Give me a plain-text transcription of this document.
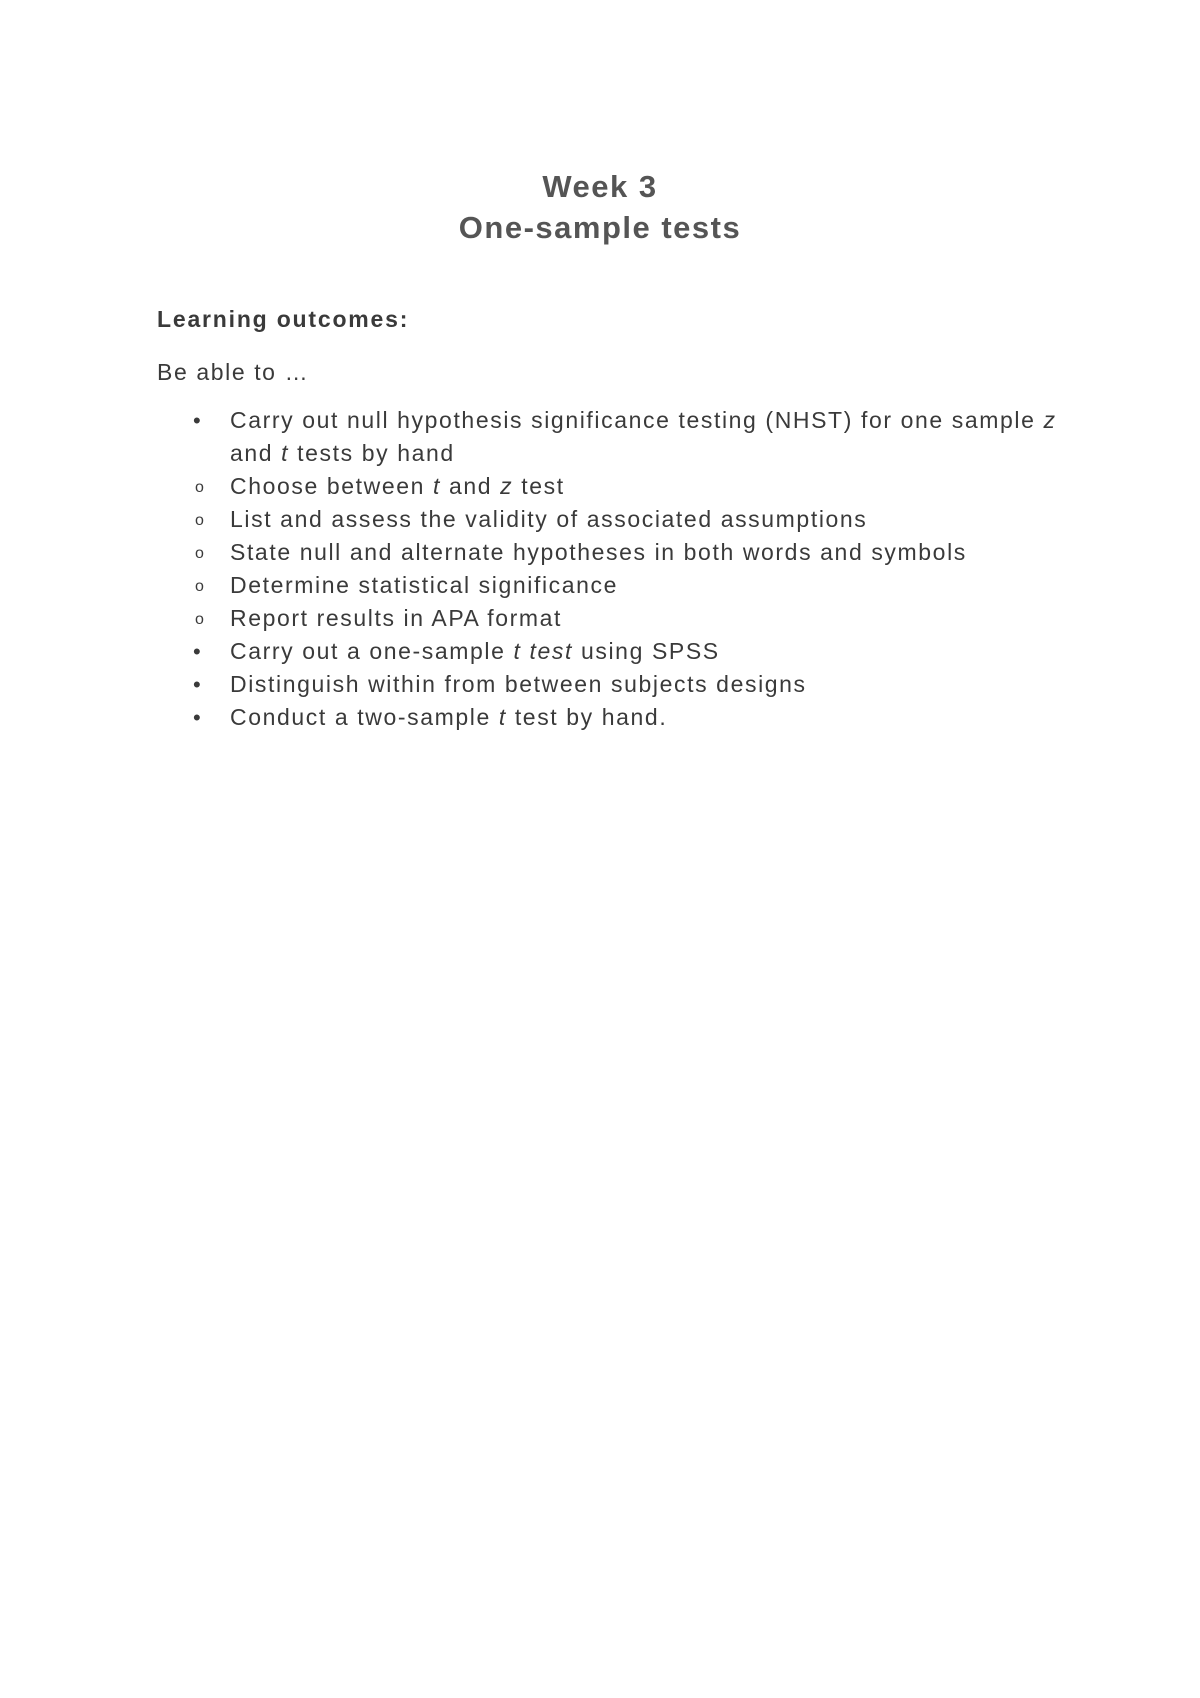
Week 3
One-sample tests
Learning outcomes:
Be able to …
• Carry out null hypothesis significance testing (NHST) for one sample z and t tests by hand
o Choose between t and z test
o List and assess the validity of associated assumptions
o State null and alternate hypotheses in both words and symbols
o Determine statistical significance
o Report results in APA format
• Carry out a one-sample t test using SPSS
• Distinguish within from between subjects designs
• Conduct a two-sample t test by hand.
